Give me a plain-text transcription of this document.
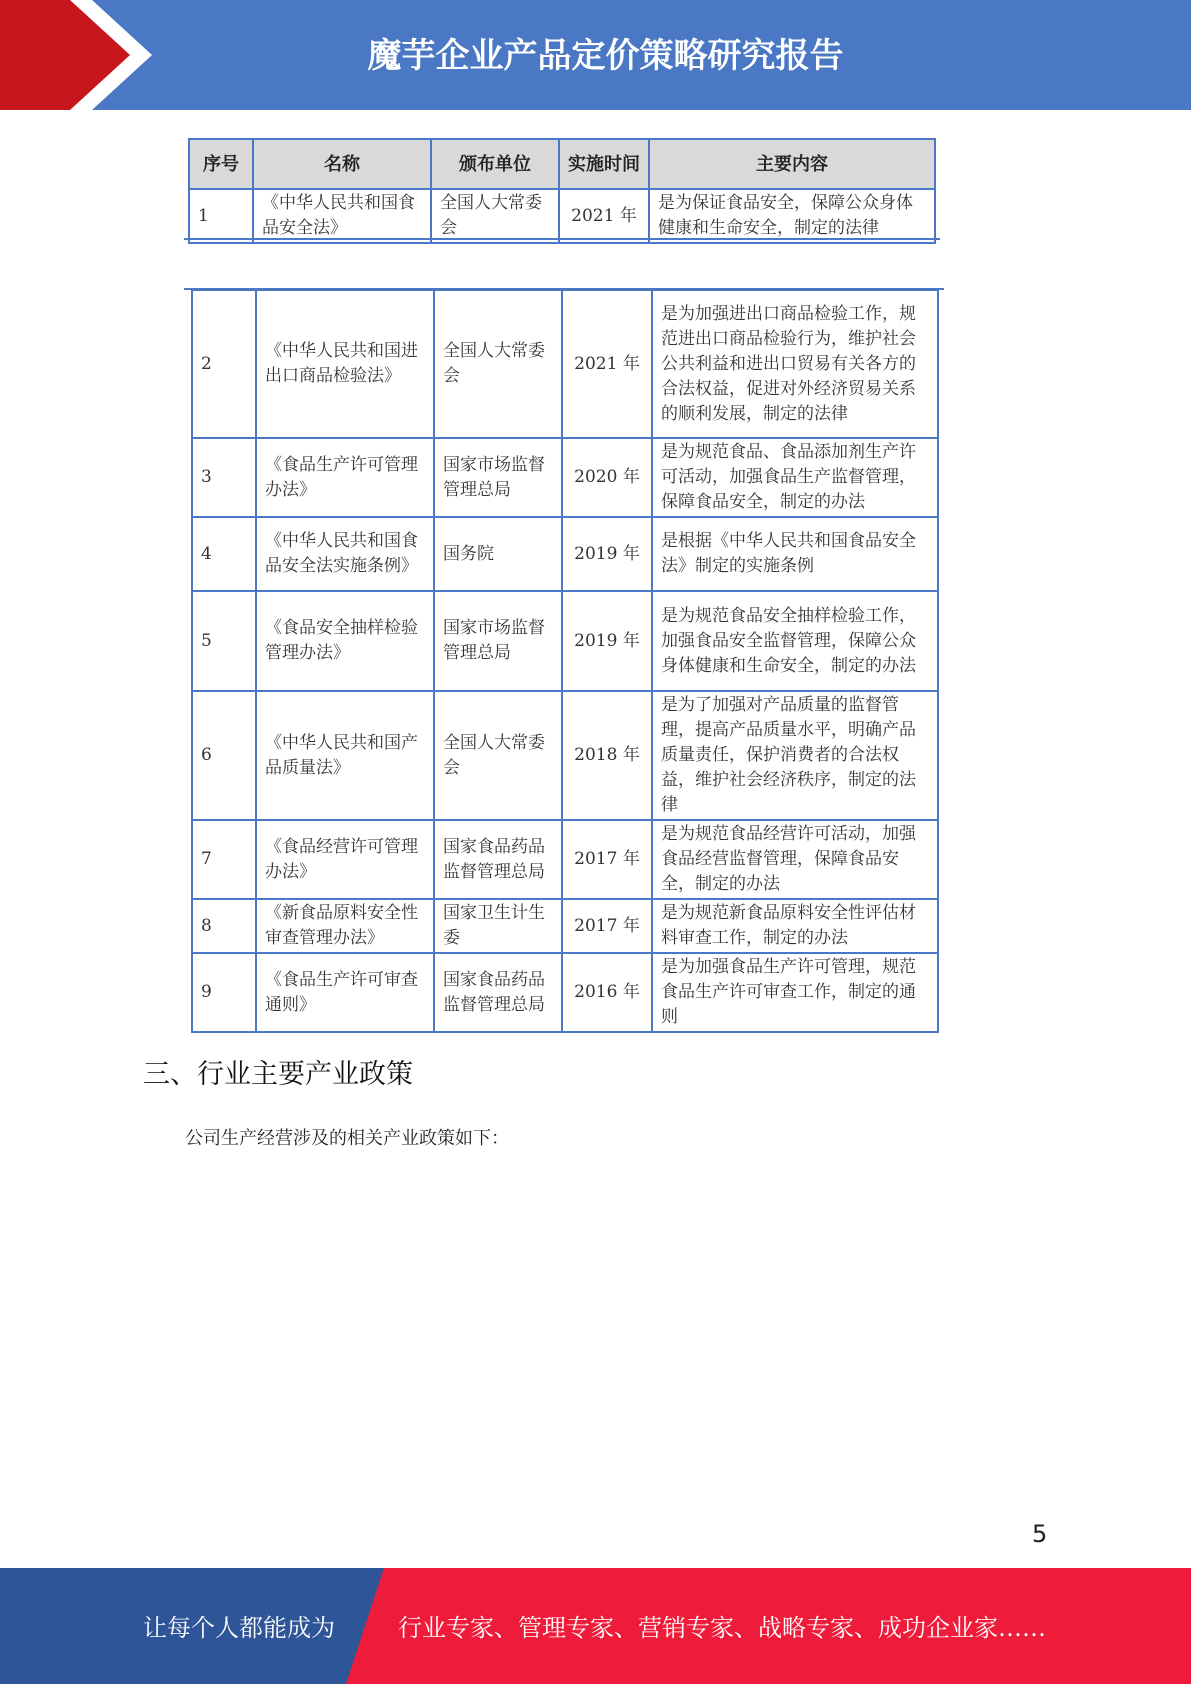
魔芋企业产品定价策略研究报告
序号	名称	颁布单位	实施时间	主要内容
1	《中华人民共和国食品安全法》	全国人大常委会	2021 年	是为保证食品安全，保障公众身体健康和生命安全，制定的法律
2	《中华人民共和国进出口商品检验法》	全国人大常委会	2021 年	是为加强进出口商品检验工作，规范进出口商品检验行为，维护社会公共利益和进出口贸易有关各方的合法权益，促进对外经济贸易关系的顺利发展，制定的法律
3	《食品生产许可管理办法》	国家市场监督管理总局	2020 年	是为规范食品、食品添加剂生产许可活动，加强食品生产监督管理，保障食品安全，制定的办法
4	《中华人民共和国食品安全法实施条例》	国务院	2019 年	是根据《中华人民共和国食品安全法》制定的实施条例
5	《食品安全抽样检验管理办法》	国家市场监督管理总局	2019 年	是为规范食品安全抽样检验工作，加强食品安全监督管理，保障公众身体健康和生命安全，制定的办法
6	《中华人民共和国产品质量法》	全国人大常委会	2018 年	是为了加强对产品质量的监督管理，提高产品质量水平，明确产品质量责任，保护消费者的合法权益，维护社会经济秩序，制定的法律
7	《食品经营许可管理办法》	国家食品药品监督管理总局	2017 年	是为规范食品经营许可活动，加强食品经营监督管理，保障食品安全，制定的办法
8	《新食品原料安全性审查管理办法》	国家卫生计生委	2017 年	是为规范新食品原料安全性评估材料审查工作，制定的办法
9	《食品生产许可审查通则》	国家食品药品监督管理总局	2016 年	是为加强食品生产许可管理，规范食品生产许可审查工作，制定的通则
三、行业主要产业政策
公司生产经营涉及的相关产业政策如下：
5
让每个人都能成为	行业专家、管理专家、营销专家、战略专家、成功企业家……
